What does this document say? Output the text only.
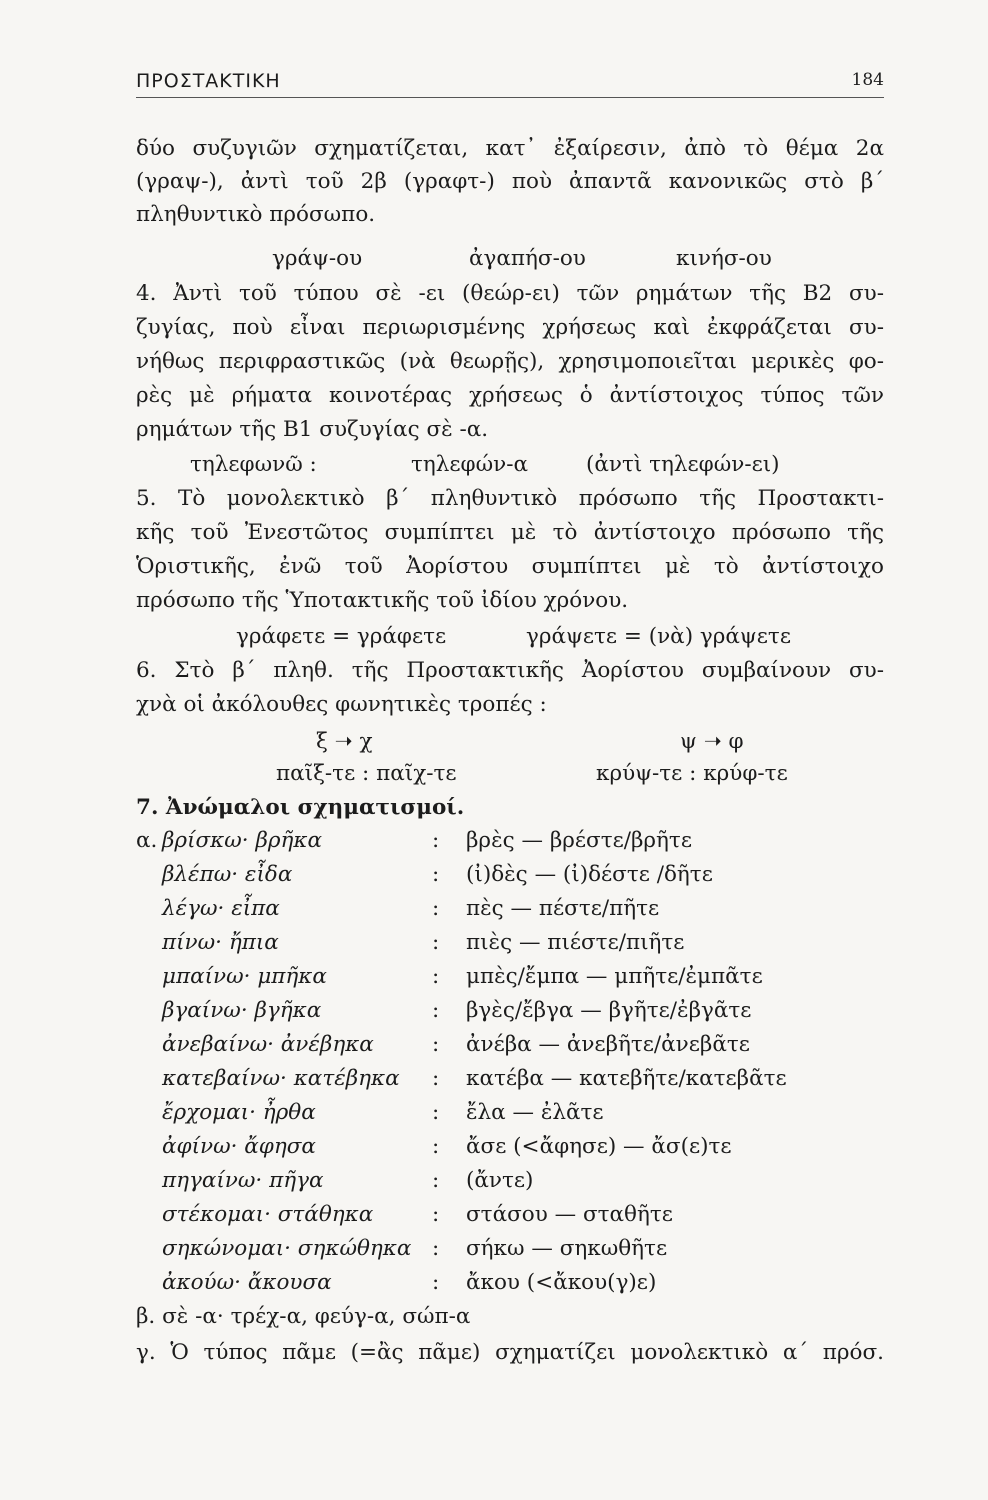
ΠΡΟΣΤΑΚΤΙΚΗ	184
δύο συζυγιῶν σχηματίζεται, κατ᾽ ἐξαίρεσιν, ἀπὸ τὸ θέμα 2α
(γραψ-), ἀντὶ τοῦ 2β (γραφτ-) ποὺ ἀπαντᾶ κανονικῶς στὸ β΄
πληθυντικὸ πρόσωπο.
γράψ-ου	ἀγαπήσ-ου	κινήσ-ου
4. Ἀντὶ τοῦ τύπου σὲ -ει (θεώρ-ει) τῶν ρημάτων τῆς Β2 συ-
ζυγίας, ποὺ εἶναι περιωρισμένης χρήσεως καὶ ἐκφράζεται συ-
νήθως περιφραστικῶς (νὰ θεωρῇς), χρησιμοποιεῖται μερικὲς φο-
ρὲς μὲ ρήματα κοινοτέρας χρήσεως ὁ ἀντίστοιχος τύπος τῶν
ρημάτων τῆς Β1 συζυγίας σὲ -α.
τηλεφωνῶ :	τηλεφών-α	(ἀντὶ τηλεφών-ει)
5. Τὸ μονολεκτικὸ β΄ πληθυντικὸ πρόσωπο τῆς Προστακτι-
κῆς τοῦ Ἐνεστῶτος συμπίπτει μὲ τὸ ἀντίστοιχο πρόσωπο τῆς
Ὁριστικῆς, ἐνῶ τοῦ Ἀορίστου συμπίπτει μὲ τὸ ἀντίστοιχο
πρόσωπο τῆς Ὑποτακτικῆς τοῦ ἰδίου χρόνου.
γράφετε = γράφετε	γράψετε = (νὰ) γράψετε
6. Στὸ β΄ πληθ. τῆς Προστακτικῆς Ἀορίστου συμβαίνουν συ-
χνὰ οἱ ἀκόλουθες φωνητικὲς τροπές :
ξ ➝ χ	ψ ➝ φ
παῖξ-τε : παῖχ-τε	κρύψ-τε : κρύφ-τε
7. Ἀνώμαλοι σχηματισμοί.
α. βρίσκω· βρῆκα	: βρὲς — βρέστε/βρῆτε
βλέπω· εἶδα	: (ἰ)δὲς — (ἰ)δέστε /δῆτε
λέγω· εἶπα	: πὲς — πέστε/πῆτε
πίνω· ἤπια	: πιὲς — πιέστε/πιῆτε
μπαίνω· μπῆκα	: μπὲς/ἔμπα — μπῆτε/ἐμπᾶτε
βγαίνω· βγῆκα	: βγὲς/ἔβγα — βγῆτε/ἐβγᾶτε
ἀνεβαίνω· ἀνέβηκα	: ἀνέβα — ἀνεβῆτε/ἀνεβᾶτε
κατεβαίνω· κατέβηκα : κατέβα — κατεβῆτε/κατεβᾶτε
ἔρχομαι· ἦρθα	: ἔλα — ἐλᾶτε
ἀφίνω· ἄφησα	: ἄσε (<ἄφησε) — ἄσ(ε)τε
πηγαίνω· πῆγα	: (ἄντε)
στέκομαι· στάθηκα	: στάσου — σταθῆτε
σηκώνομαι· σηκώθηκα : σήκω — σηκωθῆτε
ἀκούω· ἄκουσα	: ἄκου (<ἄκου(γ)ε)
β. σὲ -α· τρέχ-α, φεύγ-α, σώπ-α
γ. Ὁ τύπος πᾶμε (=ἂς πᾶμε) σχηματίζει μονολεκτικὸ α΄ πρόσ.
